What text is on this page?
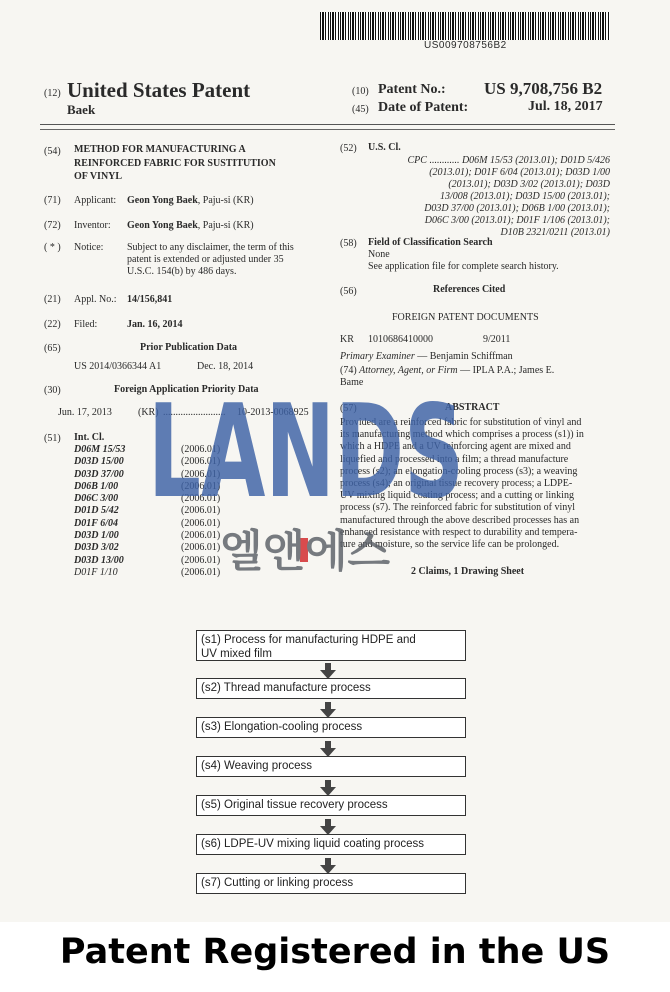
US009708756B2
(12) United States Patent
Baek
(10) Patent No.: US 9,708,756 B2
(45) Date of Patent:	Jul. 18, 2017
(54) METHOD FOR MANUFACTURING A
REINFORCED FABRIC FOR SUSTITUTION
OF VINYL
(71) Applicant: Geon Yong Baek, Paju-si (KR)
(72) Inventor: Geon Yong Baek, Paju-si (KR)
( * ) Notice: Subject to any disclaimer, the term of this
patent is extended or adjusted under 35
U.S.C. 154(b) by 486 days.
(21) Appl. No.: 14/156,841
(22) Filed:	Jan. 16, 2014
(65)	Prior Publication Data
US 2014/0366344 A1	Dec. 18, 2014
(30)	Foreign Application Priority Data
Jun. 17, 2013	(KR) ......................... 10-2013-0068925
(51) Int. Cl.
D06M 15/53	(2006.01)
D03D 15/00	(2006.01)
D03D 37/00	(2006.01)
D06B 1/00	(2006.01)
D06C 3/00	(2006.01)
D01D 5/42	(2006.01)
D01F 6/04	(2006.01)
D03D 1/00	(2006.01)
D03D 3/02	(2006.01)
D03D 13/00	(2006.01)
D01F 1/10	(2006.01)
(52) U.S. Cl.
CPC ............ D06M 15/53 (2013.01); D01D 5/426
(2013.01); D01F 6/04 (2013.01); D03D 1/00
(2013.01); D03D 3/02 (2013.01); D03D
13/008 (2013.01); D03D 15/00 (2013.01);
D03D 37/00 (2013.01); D06B 1/00 (2013.01);
D06C 3/00 (2013.01); D01F 1/106 (2013.01);
D10B 2321/0211 (2013.01)
(58) Field of Classification Search
None
See application file for complete search history.
(56)	References Cited
FOREIGN PATENT DOCUMENTS
KR 1010686410000	9/2011
Primary Examiner — Benjamin Schiffman
(74) Attorney, Agent, or Firm — IPLA P.A.; James E.
Bame
(57)	ABSTRACT
Provided are a reinforced fabric for substitution of vinyl and
its manufacturing method which comprises a process (s1)) in
which a HDPE and a UV reinforcing agent are mixed and
liquefied and processed into a film; a thread manufacture
process (s2); an elongation-cooling process (s3); a weaving
process (s4); an original tissue recovery process; a LDPE-
UV mixing liquid coating process; and a cutting or linking
process (s7). The reinforced fabric for substitution of vinyl
manufactured through the above described processes has an
enhanced resistance with respect to durability and tempera-
ture and moisture, so the service life can be prolonged.
2 Claims, 1 Drawing Sheet
LANDS
엘앤에스
(s1) Process for manufacturing HDPE and
UV mixed film
(s2) Thread manufacture process
(s3) Elongation-cooling process
(s4) Weaving process
(s5) Original tissue recovery process
(s6) LDPE-UV mixing liquid coating process
(s7) Cutting or linking process
Patent Registered in the US
